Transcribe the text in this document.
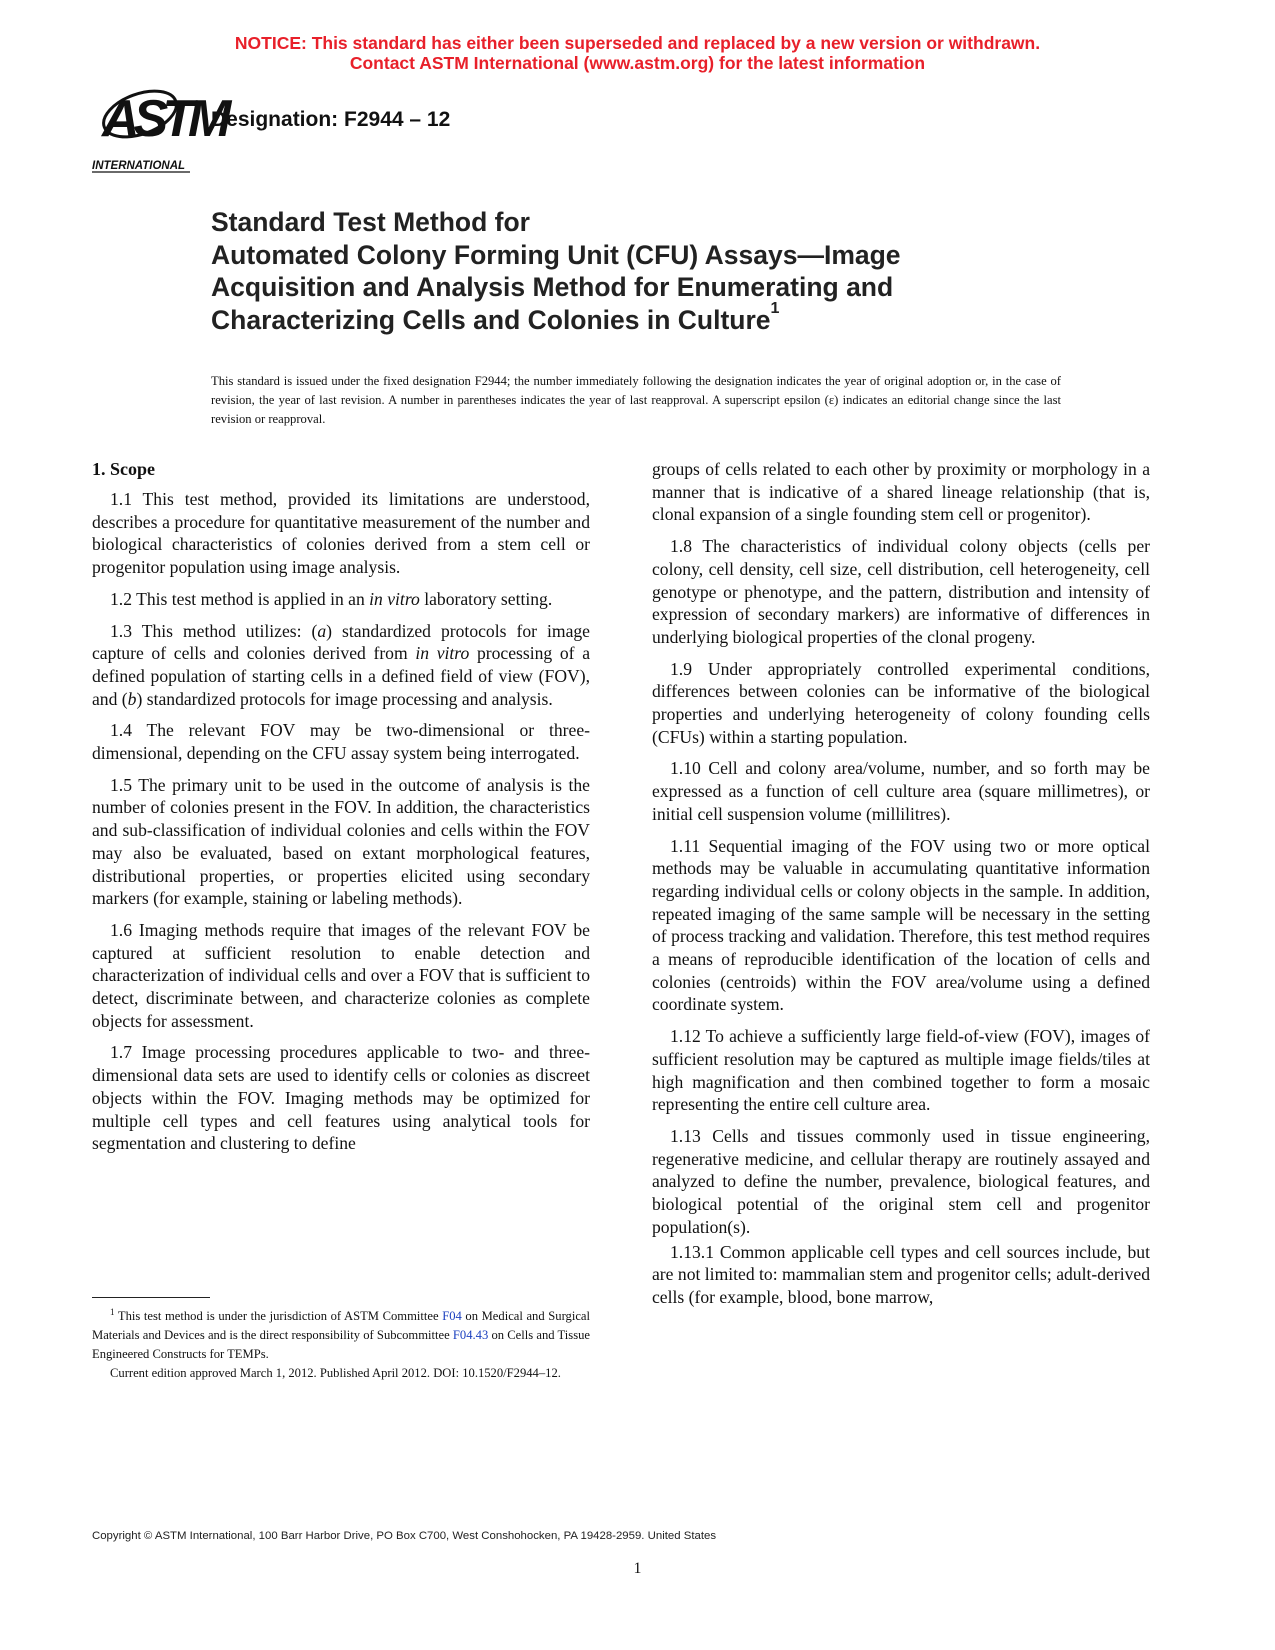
NOTICE: This standard has either been superseded and replaced by a new version or withdrawn.
Contact ASTM International (www.astm.org) for the latest information
ASTM
INTERNATIONAL
Designation: F2944 – 12
Standard Test Method for
Automated Colony Forming Unit (CFU) Assays—Image
Acquisition and Analysis Method for Enumerating and
Characterizing Cells and Colonies in Culture$^1$
This standard is issued under the fixed designation F2944; the number immediately following the designation indicates the year of original adoption or, in the case of revision, the year of last revision. A number in parentheses indicates the year of last reapproval. A superscript epsilon (ε) indicates an editorial change since the last revision or reapproval.
1. Scope

1.1 This test method, provided its limitations are understood, describes a procedure for quantitative measurement of the number and biological characteristics of colonies derived from a stem cell or progenitor population using image analysis.

1.2 This test method is applied in an in vitro laboratory setting.

1.3 This method utilizes: (a) standardized protocols for image capture of cells and colonies derived from in vitro processing of a defined population of starting cells in a defined field of view (FOV), and (b) standardized protocols for image processing and analysis.

1.4 The relevant FOV may be two-dimensional or three-dimensional, depending on the CFU assay system being interrogated.

1.5 The primary unit to be used in the outcome of analysis is the number of colonies present in the FOV. In addition, the characteristics and sub-classification of individual colonies and cells within the FOV may also be evaluated, based on extant morphological features, distributional properties, or properties elicited using secondary markers (for example, staining or labeling methods).

1.6 Imaging methods require that images of the relevant FOV be captured at sufficient resolution to enable detection and characterization of individual cells and over a FOV that is sufficient to detect, discriminate between, and characterize colonies as complete objects for assessment.

1.7 Image processing procedures applicable to two- and three-dimensional data sets are used to identify cells or colonies as discreet objects within the FOV. Imaging methods may be optimized for multiple cell types and cell features using analytical tools for segmentation and clustering to define

groups of cells related to each other by proximity or morphology in a manner that is indicative of a shared lineage relationship (that is, clonal expansion of a single founding stem cell or progenitor).

1.8 The characteristics of individual colony objects (cells per colony, cell density, cell size, cell distribution, cell heterogeneity, cell genotype or phenotype, and the pattern, distribution and intensity of expression of secondary markers) are informative of differences in underlying biological properties of the clonal progeny.

1.9 Under appropriately controlled experimental conditions, differences between colonies can be informative of the biological properties and underlying heterogeneity of colony founding cells (CFUs) within a starting population.

1.10 Cell and colony area/volume, number, and so forth may be expressed as a function of cell culture area (square millimetres), or initial cell suspension volume (millilitres).

1.11 Sequential imaging of the FOV using two or more optical methods may be valuable in accumulating quantitative information regarding individual cells or colony objects in the sample. In addition, repeated imaging of the same sample will be necessary in the setting of process tracking and validation. Therefore, this test method requires a means of reproducible identification of the location of cells and colonies (centroids) within the FOV area/volume using a defined coordinate system.

1.12 To achieve a sufficiently large field-of-view (FOV), images of sufficient resolution may be captured as multiple image fields/tiles at high magnification and then combined together to form a mosaic representing the entire cell culture area.

1.13 Cells and tissues commonly used in tissue engineering, regenerative medicine, and cellular therapy are routinely assayed and analyzed to define the number, prevalence, biological features, and biological potential of the original stem cell and progenitor population(s).

1.13.1 Common applicable cell types and cell sources include, but are not limited to: mammalian stem and progenitor cells; adult-derived cells (for example, blood, bone marrow,

$^1$ This test method is under the jurisdiction of ASTM Committee F04 on Medical and Surgical Materials and Devices and is the direct responsibility of Subcommittee F04.43 on Cells and Tissue Engineered Constructs for TEMPs.

Current edition approved March 1, 2012. Published April 2012. DOI: 10.1520/F2944–12.

Copyright © ASTM International, 100 Barr Harbor Drive, PO Box C700, West Conshohocken, PA 19428-2959. United States
1
